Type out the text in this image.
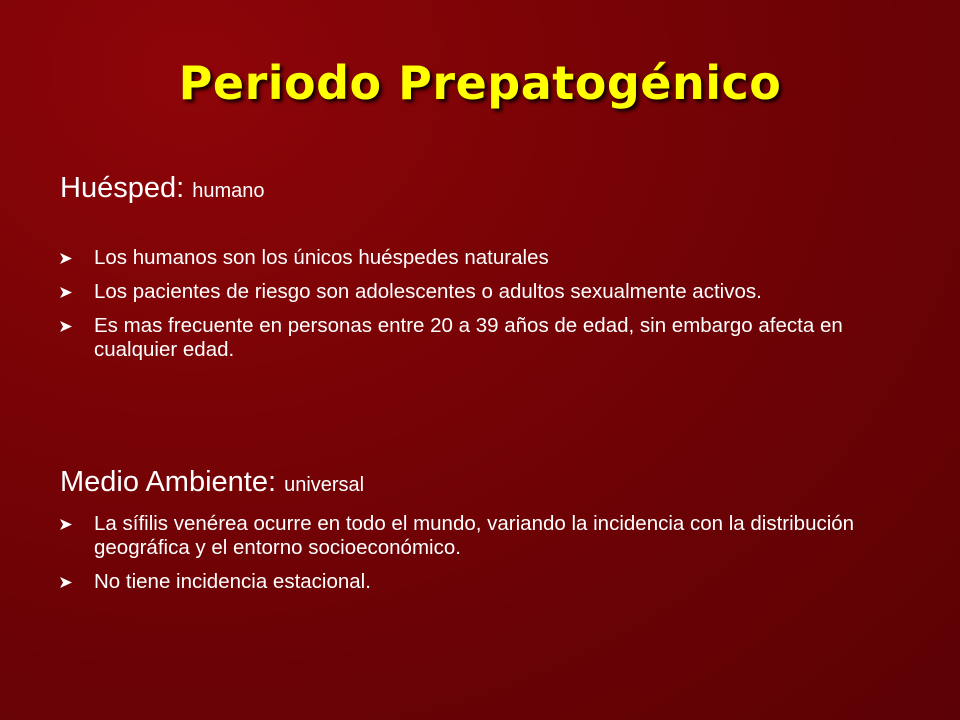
Periodo Prepatogénico
Huésped: humano
Los humanos son los únicos huéspedes naturales
Los pacientes de riesgo son adolescentes o adultos sexualmente activos.
Es mas frecuente en personas entre 20 a 39 años de edad, sin embargo afecta en cualquier edad.
Medio Ambiente: universal
La sífilis venérea ocurre en todo el mundo, variando la incidencia con la distribución geográfica y el entorno socioeconómico.
No tiene incidencia estacional.
